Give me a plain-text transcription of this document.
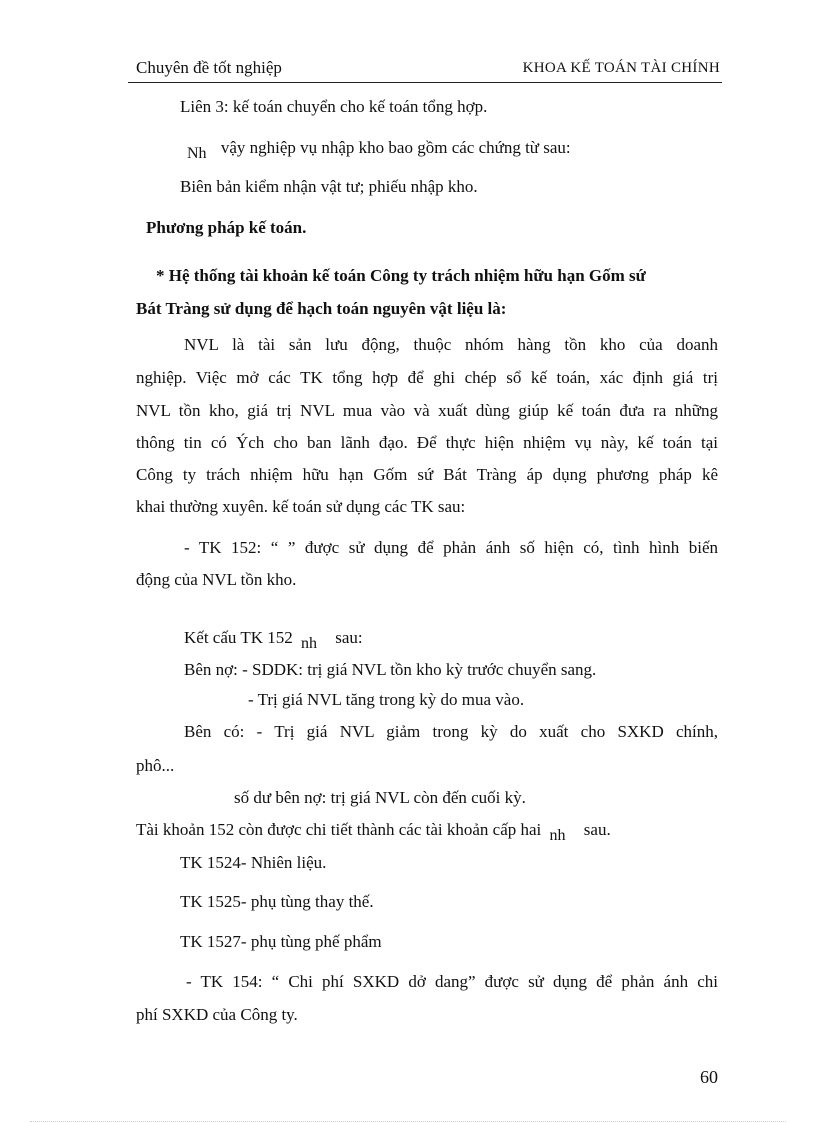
Chuyên đề tốt nghiệp	KHOA KẾ TOÁN TÀI CHÍNH
Liên 3: kế toán chuyển cho kế toán tổng hợp.
Nh vậy nghiệp vụ nhập kho bao gồm các chứng từ sau:
Biên bản kiểm nhận vật tư; phiếu nhập kho.
Phương pháp kế toán.
* Hệ thống tài khoản kế toán Công ty trách nhiệm hữu hạn Gốm sứ
Bát Tràng sử dụng để hạch toán nguyên vật liệu là:
NVL là tài sản lưu động, thuộc nhóm hàng tồn kho của doanh
nghiệp. Việc mở các TK tổng hợp để ghi chép sổ kế toán, xác định giá trị
NVL tồn kho, giá trị NVL mua vào và xuất dùng giúp kế toán đưa ra những
thông tin có Ých cho ban lãnh đạo. Để thực hiện nhiệm vụ này, kế toán tại
Công ty trách nhiệm hữu hạn Gốm sứ Bát Tràng áp dụng phương pháp kê
khai thường xuyên. kế toán sử dụng các TK sau:
- TK 152: “ ” được sử dụng để phản ánh số hiện có, tình hình biến
động của NVL tồn kho.
Kết cấu TK 152 nh sau:
Bên nợ: - SDDK: trị giá NVL tồn kho kỳ trước chuyển sang.
- Trị giá NVL tăng trong kỳ do mua vào.
Bên có: - Trị giá NVL giảm trong kỳ do xuất cho SXKD chính,
phô...
số dư bên nợ: trị giá NVL còn đến cuối kỳ.
Tài khoản 152 còn được chi tiết thành các tài khoản cấp hai nh sau.
TK 1524- Nhiên liệu.
TK 1525- phụ tùng thay thế.
TK 1527- phụ tùng phế phẩm
- TK 154: “ Chi phí SXKD dở dang” được sử dụng để phản ánh chi
phí SXKD của Công ty.
60
